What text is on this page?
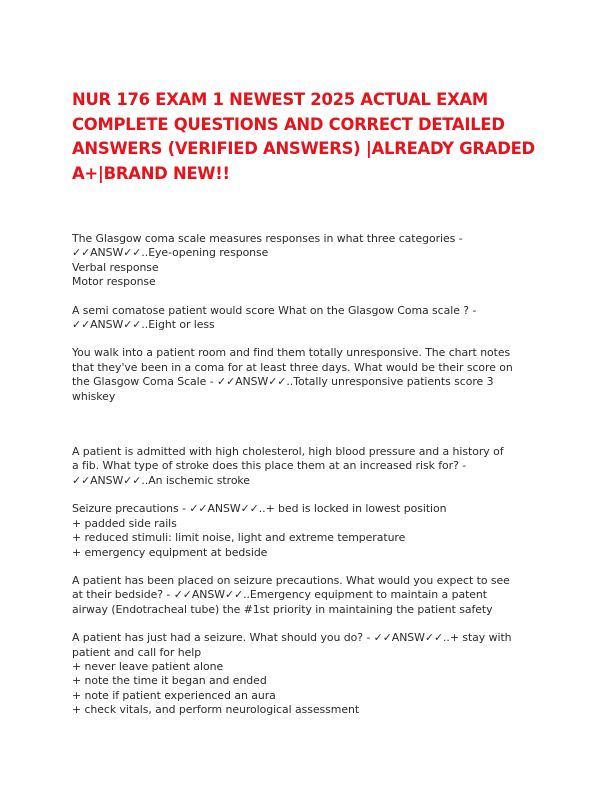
NUR 176 EXAM 1 NEWEST 2025 ACTUAL EXAM
COMPLETE QUESTIONS AND CORRECT DETAILED
ANSWERS (VERIFIED ANSWERS) |ALREADY GRADED
A+|BRAND NEW!!

The Glasgow coma scale measures responses in what three categories -
✓✓ANSW✓✓..Eye-opening response
Verbal response
Motor response

A semi comatose patient would score What on the Glasgow Coma scale ? -
✓✓ANSW✓✓..Eight or less

You walk into a patient room and find them totally unresponsive. The chart notes
that they've been in a coma for at least three days. What would be their score on
the Glasgow Coma Scale - ✓✓ANSW✓✓..Totally unresponsive patients score 3
whiskey

A patient is admitted with high cholesterol, high blood pressure and a history of
a fib. What type of stroke does this place them at an increased risk for? -
✓✓ANSW✓✓..An ischemic stroke

Seizure precautions - ✓✓ANSW✓✓..+ bed is locked in lowest position
+ padded side rails
+ reduced stimuli: limit noise, light and extreme temperature
+ emergency equipment at bedside

A patient has been placed on seizure precautions. What would you expect to see
at their bedside? - ✓✓ANSW✓✓..Emergency equipment to maintain a patent
airway (Endotracheal tube) the #1st priority in maintaining the patient safety

A patient has just had a seizure. What should you do? - ✓✓ANSW✓✓..+ stay with
patient and call for help
+ never leave patient alone
+ note the time it began and ended
+ note if patient experienced an aura
+ check vitals, and perform neurological assessment
